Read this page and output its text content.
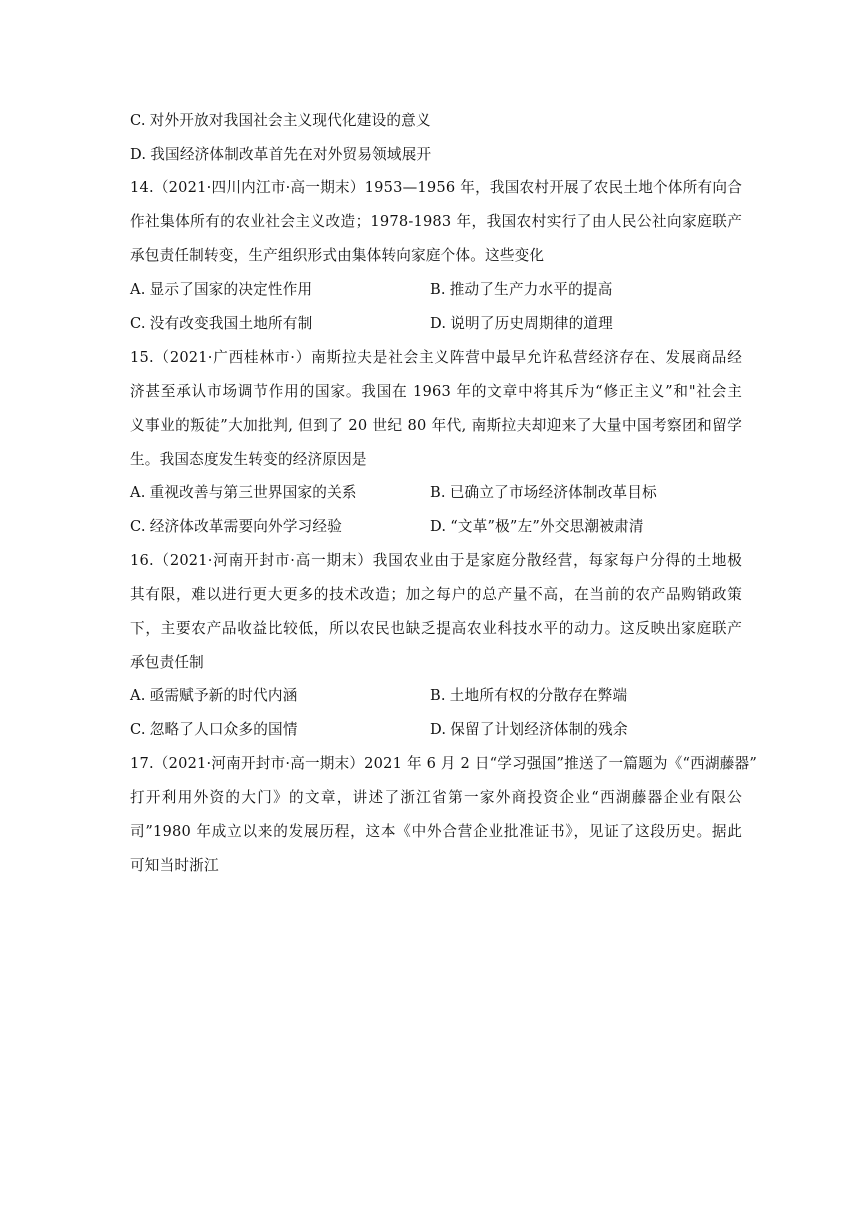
C. 对外开放对我国社会主义现代化建设的意义
D. 我国经济体制改革首先在对外贸易领域展开
14.（2021·四川内江市·高一期末）1953—1956 年，我国农村开展了农民土地个体所有向合
作社集体所有的农业社会主义改造；1978-1983 年，我国农村实行了由人民公社向家庭联产
承包责任制转变，生产组织形式由集体转向家庭个体。这些变化
A. 显示了国家的决定性作用	B. 推动了生产力水平的提高
C. 没有改变我国土地所有制	D. 说明了历史周期律的道理
15.（2021·广西桂林市·）南斯拉夫是社会主义阵营中最早允许私营经济存在、发展商品经
济甚至承认市场调节作用的国家。我国在 1963 年的文章中将其斥为“修正主义”和"社会主
义事业的叛徒”大加批判, 但到了 20 世纪 80 年代, 南斯拉夫却迎来了大量中国考察团和留学
生。我国态度发生转变的经济原因是
A. 重视改善与第三世界国家的关系	B. 已确立了市场经济体制改革目标
C. 经济体改革需要向外学习经验	D. “文革”极”左”外交思潮被肃清
16.（2021·河南开封市·高一期末）我国农业由于是家庭分散经营，每家每户分得的土地极
其有限，难以进行更大更多的技术改造；加之每户的总产量不高，在当前的农产品购销政策
下，主要农产品收益比较低，所以农民也缺乏提高农业科技水平的动力。这反映出家庭联产
承包责任制
A. 亟需赋予新的时代内涵	B. 土地所有权的分散存在弊端
C. 忽略了人口众多的国情	D. 保留了计划经济体制的残余
17.（2021·河南开封市·高一期末）2021 年 6 月 2 日“学习强国”推送了一篇题为《“西湖藤器”
打开利用外资的大门》的文章，讲述了浙江省第一家外商投资企业“西湖藤器企业有限公
司”1980 年成立以来的发展历程，这本《中外合营企业批准证书》，见证了这段历史。据此
可知当时浙江
